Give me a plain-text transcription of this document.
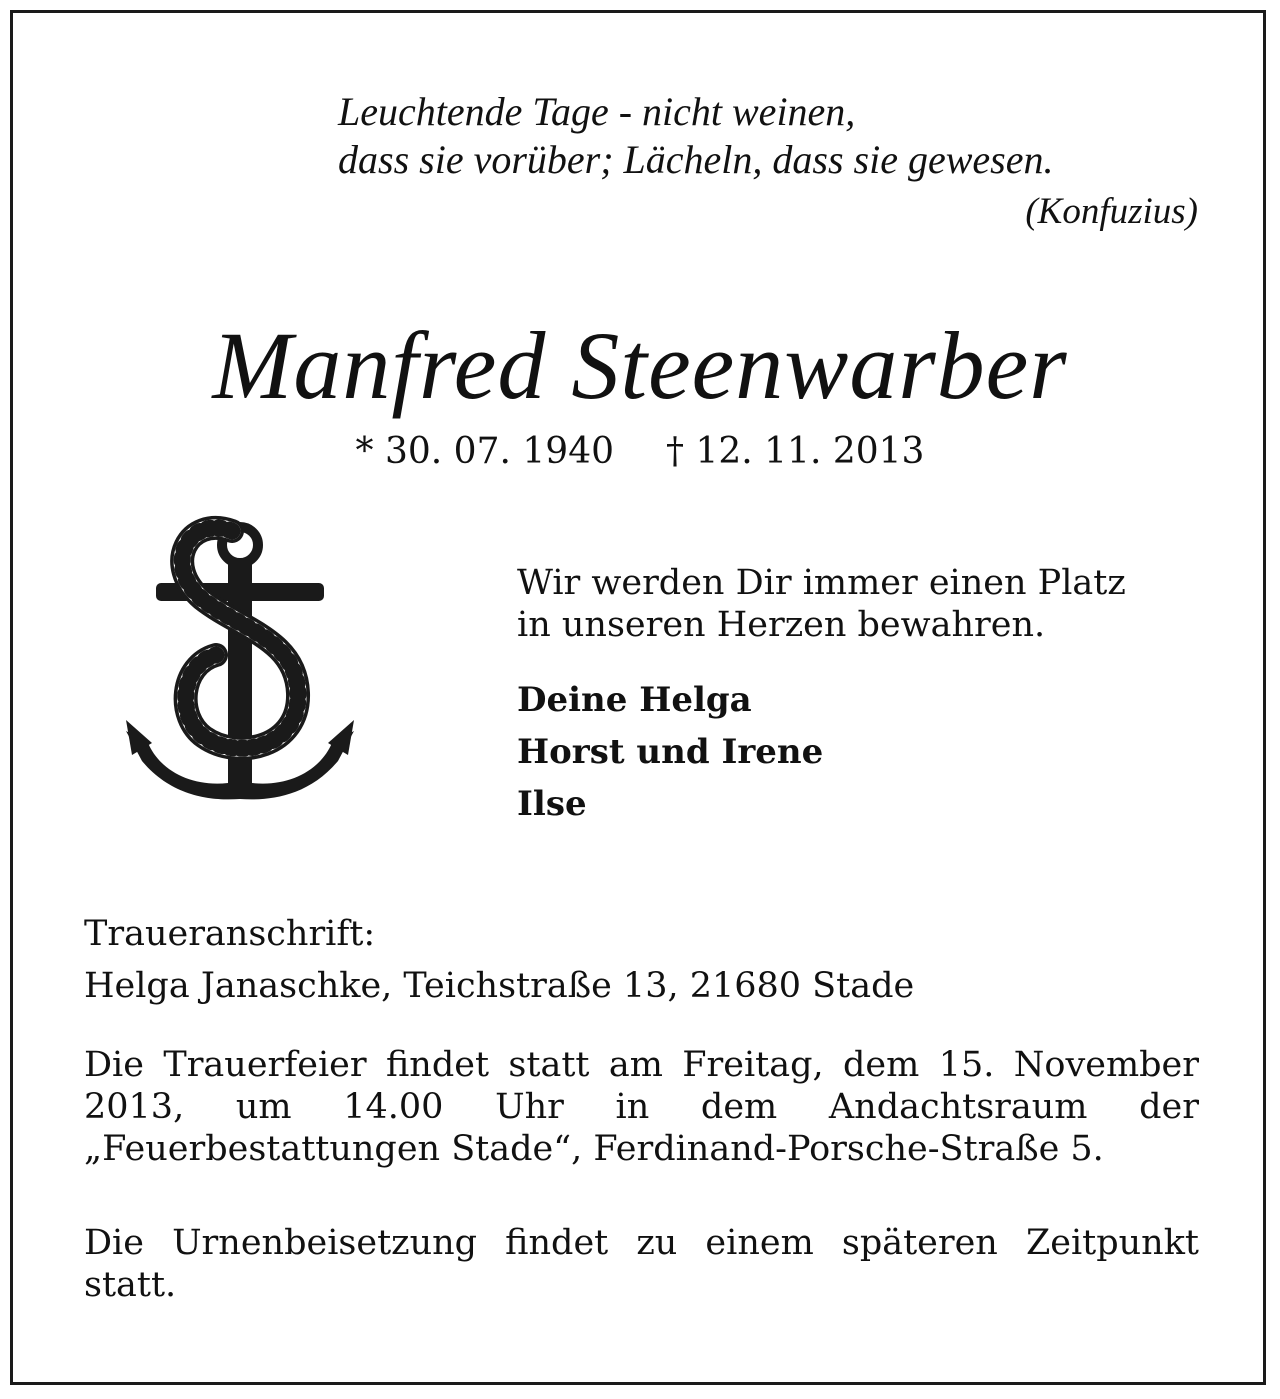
Leuchtende Tage - nicht weinen,
dass sie vorüber; Lächeln, dass sie gewesen.
(Konfuzius)
Manfred Steenwarber
* 30. 07. 1940 † 12. 11. 2013
Wir werden Dir immer einen Platz
in unseren Herzen bewahren.
Deine Helga
Horst und Irene
Ilse
Traueranschrift:
Helga Janaschke, Teichstraße 13, 21680 Stade
Die Trauerfeier findet statt am Freitag, dem 15. November 2013, um 14.00 Uhr in dem Andachtsraum der „Feuerbestattungen Stade“, Ferdinand-Porsche-Straße 5.
Die Urnenbeisetzung findet zu einem späteren Zeitpunkt statt.
